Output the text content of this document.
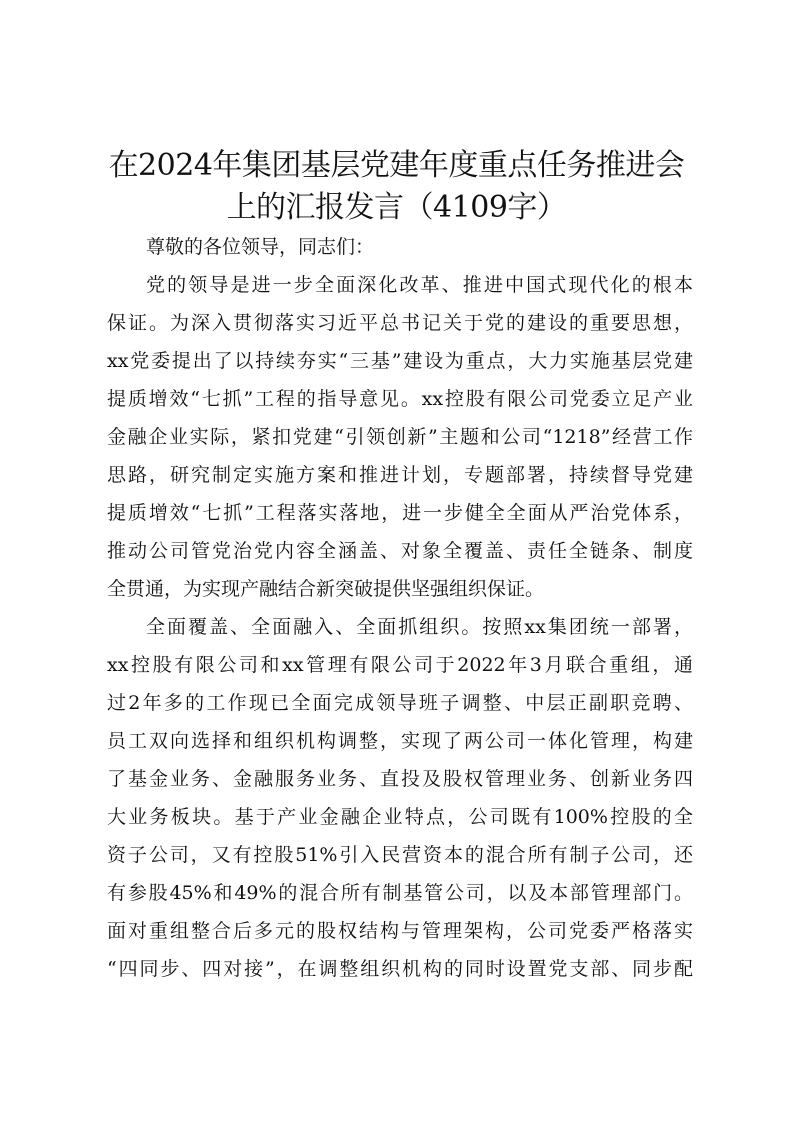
在2024年集团基层党建年度重点任务推进会
上的汇报发言（4109字）
尊敬的各位领导，同志们：
党的领导是进一步全面深化改革、推进中国式现代化的根本
保证。为深入贯彻落实习近平总书记关于党的建设的重要思想，
xx党委提出了以持续夯实“三基”建设为重点，大力实施基层党建
提质增效“七抓”工程的指导意见。xx控股有限公司党委立足产业
金融企业实际，紧扣党建“引领创新”主题和公司“1218”经营工作
思路，研究制定实施方案和推进计划，专题部署，持续督导党建
提质增效“七抓”工程落实落地，进一步健全全面从严治党体系，
推动公司管党治党内容全涵盖、对象全覆盖、责任全链条、制度
全贯通，为实现产融结合新突破提供坚强组织保证。
全面覆盖、全面融入、全面抓组织。按照xx集团统一部署，
xx控股有限公司和xx管理有限公司于2022年3月联合重组，通
过2年多的工作现已全面完成领导班子调整、中层正副职竞聘、
员工双向选择和组织机构调整，实现了两公司一体化管理，构建
了基金业务、金融服务业务、直投及股权管理业务、创新业务四
大业务板块。基于产业金融企业特点，公司既有100%控股的全
资子公司，又有控股51%引入民营资本的混合所有制子公司，还
有参股45%和49%的混合所有制基管公司，以及本部管理部门。
面对重组整合后多元的股权结构与管理架构，公司党委严格落实
“四同步、四对接”，在调整组织机构的同时设置党支部、同步配
